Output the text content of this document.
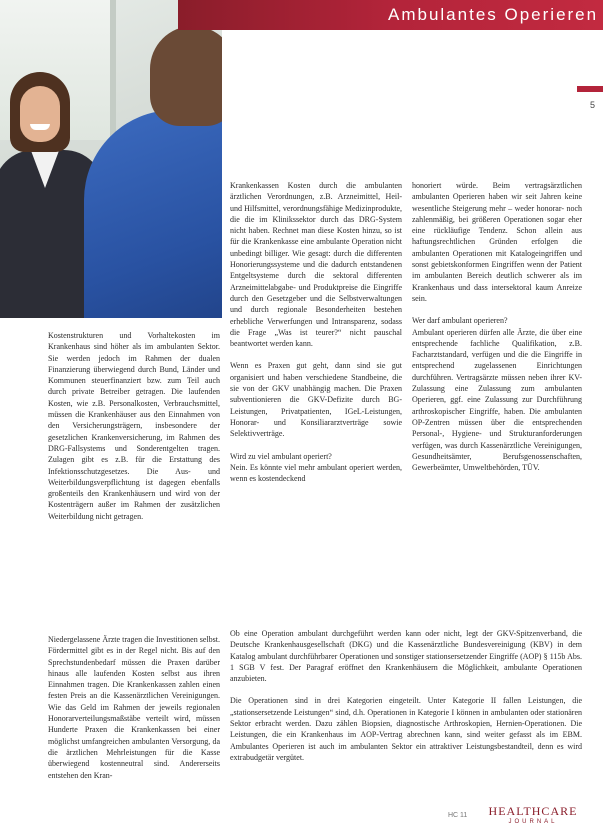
Ambulantes Operieren
5

Kostenstrukturen und Vorhaltekosten im Krankenhaus sind höher als im ambulanten Sektor. Sie werden jedoch im Rahmen der dualen Finanzierung überwiegend durch Bund, Länder und Kommunen steuerfinanziert bzw. zum Teil auch durch private Betreiber getragen. Die laufenden Kosten, wie z.B. Personalkosten, Verbrauchsmittel, müssen die Krankenhäuser aus den Einnahmen von den Versicherungsträgern, insbesondere der gesetzlichen Krankenversicherung, im Rahmen des DRG-Fallsystems und Sonderentgelten tragen. Zulagen gibt es z.B. für die Erstattung des Infektionsschutzgesetzes. Die Aus- und Weiterbildungsverpflichtung ist dagegen ebenfalls großenteils den Krankenhäusern und wird von der Kostenträgern außer im Rahmen der zusätzlichen Weiterbildung nicht getragen.

Krankenkassen Kosten durch die ambulanten ärztlichen Verordnungen, z.B. Arzneimittel, Heil- und Hilfsmittel, verordnungsfähige Medizinprodukte, die die im Klinikssektor durch das DRG-System nicht haben. Rechnet man diese Kosten hinzu, so ist für die Krankenkasse eine ambulante Operation nicht unbedingt billiger. Wie gesagt: durch die differenten Honorierungssysteme und die dadurch entstandenen Entgeltsysteme durch die sektoral differenten Arzneimittelabgabe- und Produktpreise die Eingriffe durch den Gesetzgeber und die Selbstverwaltungen und durch regionale Besonderheiten bestehen erhebliche Verwerfungen und Intransparenz, sodass die Frage „Was ist teurer?“ nicht pauschal beantwortet werden kann.

Wenn es Praxen gut geht, dann sind sie gut organisiert und haben verschiedene Standbeine, die sie von der GKV unabhängig machen. Die Praxen subventionieren die GKV-Defizite durch BG-Leistungen, Privatpatienten, IGeL-Leistungen, Honorar- und Konsiliararztverträge sowie Selektivverträge.

Wird zu viel ambulant operiert?
Nein. Es könnte viel mehr ambulant operiert werden, wenn es kostendeckend

honoriert würde. Beim vertragsärztlichen ambulanten Operieren haben wir seit Jahren keine wesentliche Steigerung mehr – weder honorar- noch zahlenmäßig, bei größeren Operationen sogar eher eine rückläufige Tendenz. Schon allein aus haftungsrechtlichen Gründen erfolgen die ambulanten Operationen mit Katalogeingriffen und sonst gebietskonformen Eingriffen wenn der Patient im ambulanten Bereich deutlich schwerer als im Krankenhaus und dass intersektoral kaum Anreize sein.

Wer darf ambulant operieren?
Ambulant operieren dürfen alle Ärzte, die über eine entsprechende fachliche Qualifikation, z.B. Facharztstandard, verfügen und die die Eingriffe in entsprechend zugelassenen Einrichtungen durchführen. Vertragsärzte müssen neben ihrer KV-Zulassung eine Zulassung zum ambulanten Operieren, ggf. eine Zulassung zur Durchführung arthroskopischer Eingriffe, haben. Die ambulanten OP-Zentren müssen über die entsprechenden Personal-, Hygiene- und Strukturanforderungen verfügen, was durch Kassenärztliche Vereinigungen, Gesundheitsämter, Berufsgenossenschaften, Gewerbeämter, Umweltbehörden, TÜV.

Niedergelassene Ärzte tragen die Investitionen selbst. Fördermittel gibt es in der Regel nicht. Bis auf den Sprechstundenbedarf müssen die Praxen darüber hinaus alle laufenden Kosten selbst aus ihren Einnahmen tragen. Die Krankenkassen zahlen einen festen Preis an die Kassenärztlichen Vereinigungen. Wie das Geld im Rahmen der jeweils regionalen Honorarverteilungsmaßstäbe verteilt wird, müssen Hunderte Praxen die Krankenkassen bei einer möglichst umfangreichen ambulanten Versorgung, da die ärztlichen Mehrleistungen für die Kasse überwiegend kostenneutral sind. Andererseits entstehen den Kran-

Ob eine Operation ambulant durchgeführt werden kann oder nicht, legt der GKV-Spitzenverband, die Deutsche Krankenhausgesellschaft (DKG) und die Kassenärztliche Bundesvereinigung (KBV) in dem Katalog ambulant durchführbarer Operationen und sonstiger stationsersetzender Eingriffe (AOP) § 115b Abs. 1 SGB V fest. Der Paragraf eröffnet den Krankenhäusern die Möglichkeit, ambulante Operationen anzubieten.

Die Operationen sind in drei Kategorien eingeteilt. Unter Kategorie II fallen Leistungen, die „stationsersetzende Leistungen“ sind, d.h. Operationen in Kategorie I können in ambulanten oder stationären Sektor erbracht werden. Dazu zählen Biopsien, diagnostische Arthroskopien, Hernien-Operationen. Die Leistungen, die ein Krankenhaus im AOP-Vertrag abrechnen kann, sind weiter gefasst als im EBM. Ambulantes Operieren ist auch im ambulanten Sektor ein attraktiver Leistungsbestandteil, denn es wird extrabudgetär vergütet.

HC 11 HEALTHCARE
JOURNAL
